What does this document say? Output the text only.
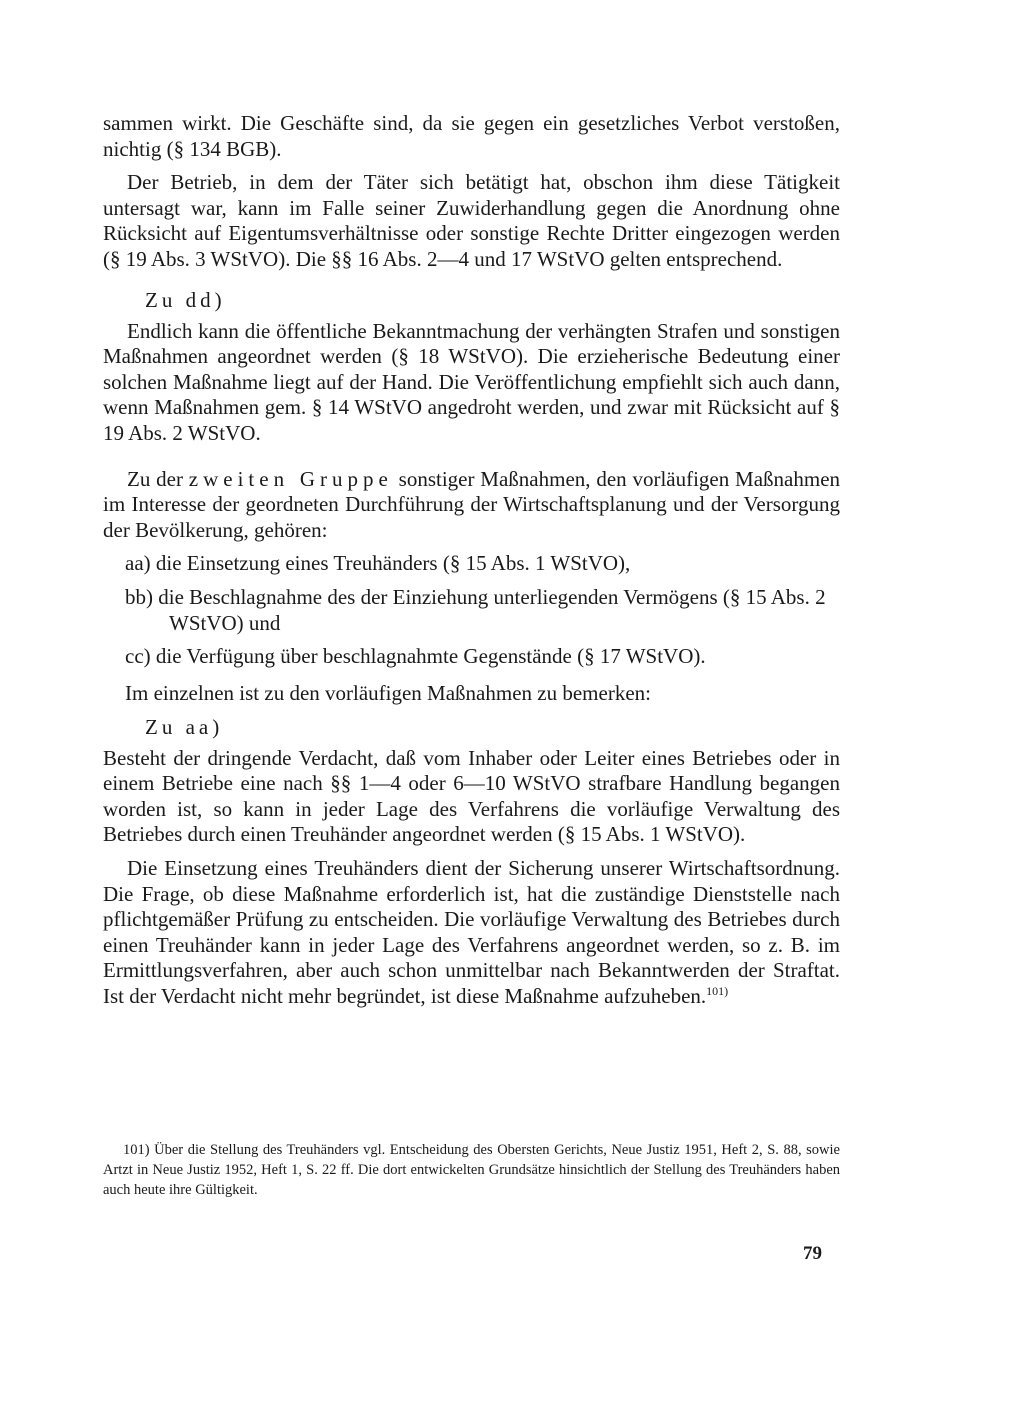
sammen wirkt. Die Geschäfte sind, da sie gegen ein gesetzliches Verbot verstoßen, nichtig (§ 134 BGB).

Der Betrieb, in dem der Täter sich betätigt hat, obschon ihm diese Tätigkeit untersagt war, kann im Falle seiner Zuwiderhandlung gegen die Anordnung ohne Rücksicht auf Eigentumsverhältnisse oder sonstige Rechte Dritter eingezogen werden (§ 19 Abs. 3 WStVO). Die §§ 16 Abs. 2—4 und 17 WStVO gelten entsprechend.

Zu dd)

Endlich kann die öffentliche Bekanntmachung der verhängten Strafen und sonstigen Maßnahmen angeordnet werden (§ 18 WStVO). Die erzieherische Bedeutung einer solchen Maßnahme liegt auf der Hand. Die Veröffentlichung empfiehlt sich auch dann, wenn Maßnahmen gem. § 14 WStVO angedroht werden, und zwar mit Rücksicht auf § 19 Abs. 2 WStVO.

Zu der zweiten Gruppe sonstiger Maßnahmen, den vorläufigen Maßnahmen im Interesse der geordneten Durchführung der Wirtschaftsplanung und der Versorgung der Bevölkerung, gehören:

aa) die Einsetzung eines Treuhänders (§ 15 Abs. 1 WStVO),

bb) die Beschlagnahme des der Einziehung unterliegenden Vermögens (§ 15 Abs. 2 WStVO) und

cc) die Verfügung über beschlagnahmte Gegenstände (§ 17 WStVO).

Im einzelnen ist zu den vorläufigen Maßnahmen zu bemerken:

Zu aa)

Besteht der dringende Verdacht, daß vom Inhaber oder Leiter eines Betriebes oder in einem Betriebe eine nach §§ 1—4 oder 6—10 WStVO strafbare Handlung begangen worden ist, so kann in jeder Lage des Verfahrens die vorläufige Verwaltung des Betriebes durch einen Treuhänder angeordnet werden (§ 15 Abs. 1 WStVO).

Die Einsetzung eines Treuhänders dient der Sicherung unserer Wirtschaftsordnung. Die Frage, ob diese Maßnahme erforderlich ist, hat die zuständige Dienststelle nach pflichtgemäßer Prüfung zu entscheiden. Die vorläufige Verwaltung des Betriebes durch einen Treuhänder kann in jeder Lage des Verfahrens angeordnet werden, so z. B. im Ermittlungsverfahren, aber auch schon unmittelbar nach Bekanntwerden der Straftat. Ist der Verdacht nicht mehr begründet, ist diese Maßnahme aufzuheben.$^{101)}$

101) Über die Stellung des Treuhänders vgl. Entscheidung des Obersten Gerichts, Neue Justiz 1951, Heft 2, S. 88, sowie Artzt in Neue Justiz 1952, Heft 1, S. 22 ff. Die dort entwickelten Grundsätze hinsichtlich der Stellung des Treuhänders haben auch heute ihre Gültigkeit.

79
